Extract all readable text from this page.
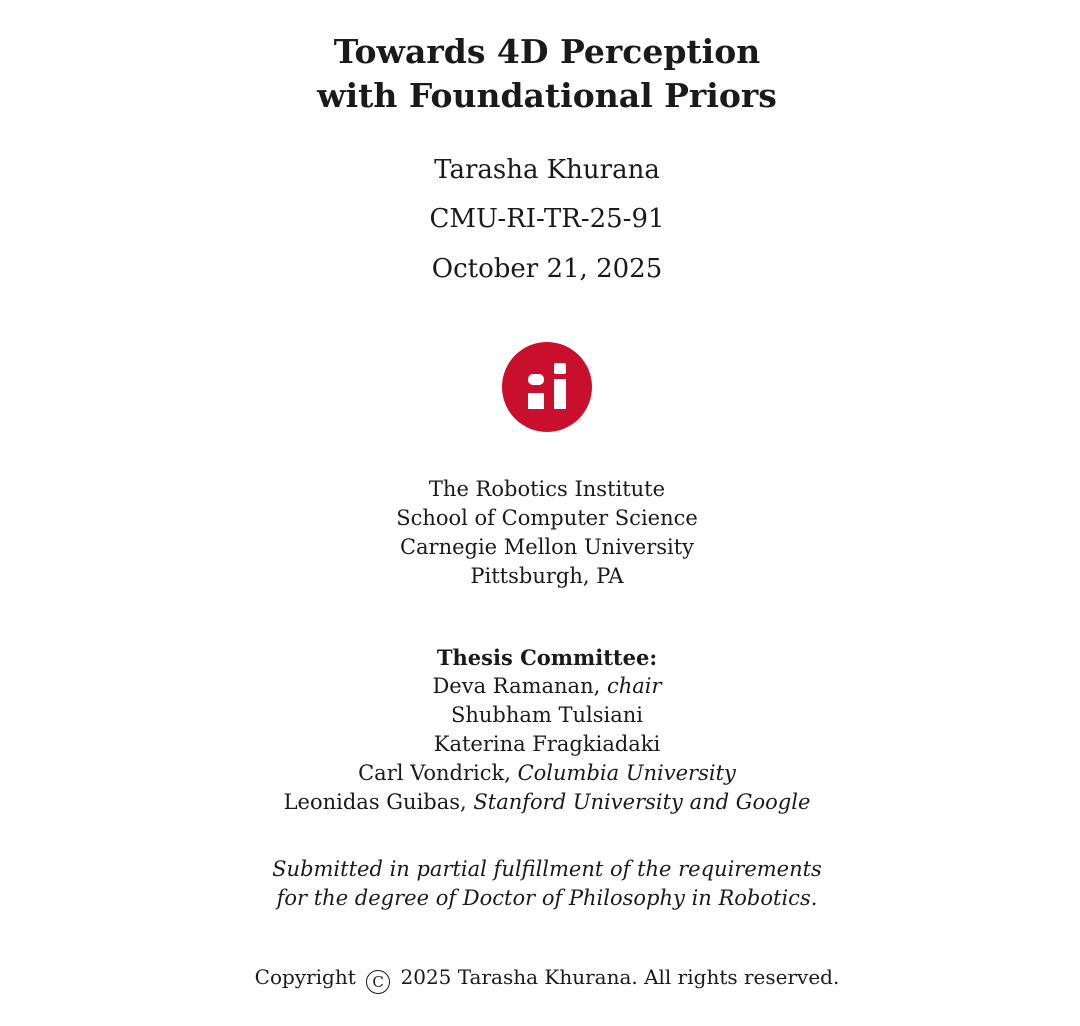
Towards 4D Perception
with Foundational Priors
Tarasha Khurana
CMU-RI-TR-25-91
October 21, 2025
The Robotics Institute
School of Computer Science
Carnegie Mellon University
Pittsburgh, PA
Thesis Committee:
Deva Ramanan, chair
Shubham Tulsiani
Katerina Fragkiadaki
Carl Vondrick, Columbia University
Leonidas Guibas, Stanford University and Google
Submitted in partial fulfillment of the requirements
for the degree of Doctor of Philosophy in Robotics.
Copyright C 2025 Tarasha Khurana. All rights reserved.
